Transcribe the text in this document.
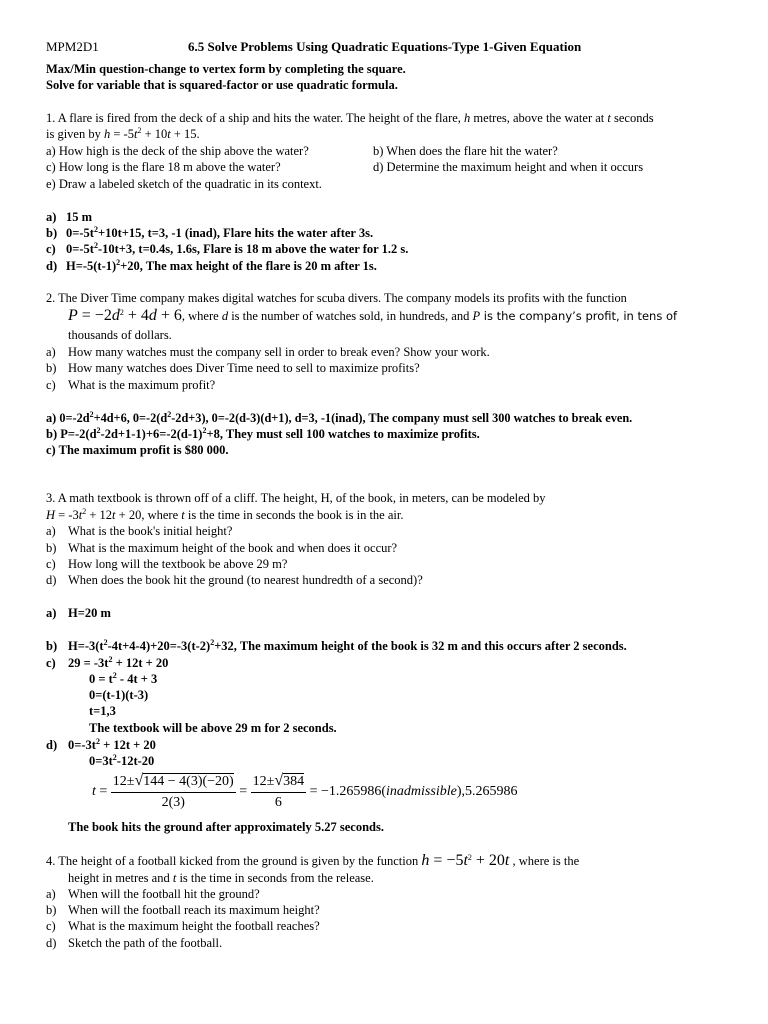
MPM2D1	6.5 Solve Problems Using Quadratic Equations-Type 1-Given Equation
Max/Min question-change to vertex form by completing the square.
Solve for variable that is squared-factor or use quadratic formula.
1. A flare is fired from the deck of a ship and hits the water. The height of the flare, h metres, above the water at t seconds
is given by $h = -5t^2 + 10t + 15$.
a) How high is the deck of the ship above the water?	b) When does the flare hit the water?
c) How long is the flare 18 m above the water?	d) Determine the maximum height and when it occurs
e) Draw a labeled sketch of the quadratic in its context.
a) 15 m
b) $0=-5t^2+10t+15$, t=3, -1 (inad), Flare hits the water after 3s.
c) $0=-5t^2-10t+3$, t=0.4s, 1.6s, Flare is 18 m above the water for 1.2 s.
d) $H=-5(t-1)^2+20$, The max height of the flare is 20 m after 1s.
2. The Diver Time company makes digital watches for scuba divers. The company models its profits with the function
$P = -2d^2 + 4d + 6$, where d is the number of watches sold, in hundreds, and P is the company’s profit, in tens of
thousands of dollars.
a) How many watches must the company sell in order to break even? Show your work.
b) How many watches does Diver Time need to sell to maximize profits?
c) What is the maximum profit?
a) $0=-2d^2+4d+6$, $0=-2(d^2-2d+3)$, 0=-2(d-3)(d+1), d=3, -1(inad), The company must sell 300 watches to break even.
b) $P=-2(d^2-2d+1-1)+6=-2(d-1)^2+8$, They must sell 100 watches to maximize profits.
c) The maximum profit is $80 000.
3. A math textbook is thrown off of a cliff. The height, H, of the book, in meters, can be modeled by
$H = -3t^2 + 12t + 20$, where t is the time in seconds the book is in the air.
a) What is the book's initial height?
b) What is the maximum height of the book and when does it occur?
c) How long will the textbook be above 29 m?
d) When does the book hit the ground (to nearest hundredth of a second)?
a) H=20 m
b) $H=-3(t^2-4t+4-4)+20=-3(t-2)^2+32$, The maximum height of the book is 32 m and this occurs after 2 seconds.
c) $29 = -3t^2 + 12t + 20$
$0 = t^2 - 4t + 3$
0=(t-1)(t-3)
t=1,3
The textbook will be above 29 m for 2 seconds.
d) $0=-3t^2 + 12t + 20$
$0=3t^2-12t-20$
$t = \frac{12\pm√144 - 4(3)(-20)}{2(3)} = \frac{12\pm√384}{6}$ = −1.265986(inadmissible),5.265986
The book hits the ground after approximately 5.27 seconds.
4. The height of a football kicked from the ground is given by the function $h = -5t^2 + 20t$ , where is the
height in metres and t is the time in seconds from the release.
a) When will the football hit the ground?
b) When will the football reach its maximum height?
c) What is the maximum height the football reaches?
d) Sketch the path of the football.
